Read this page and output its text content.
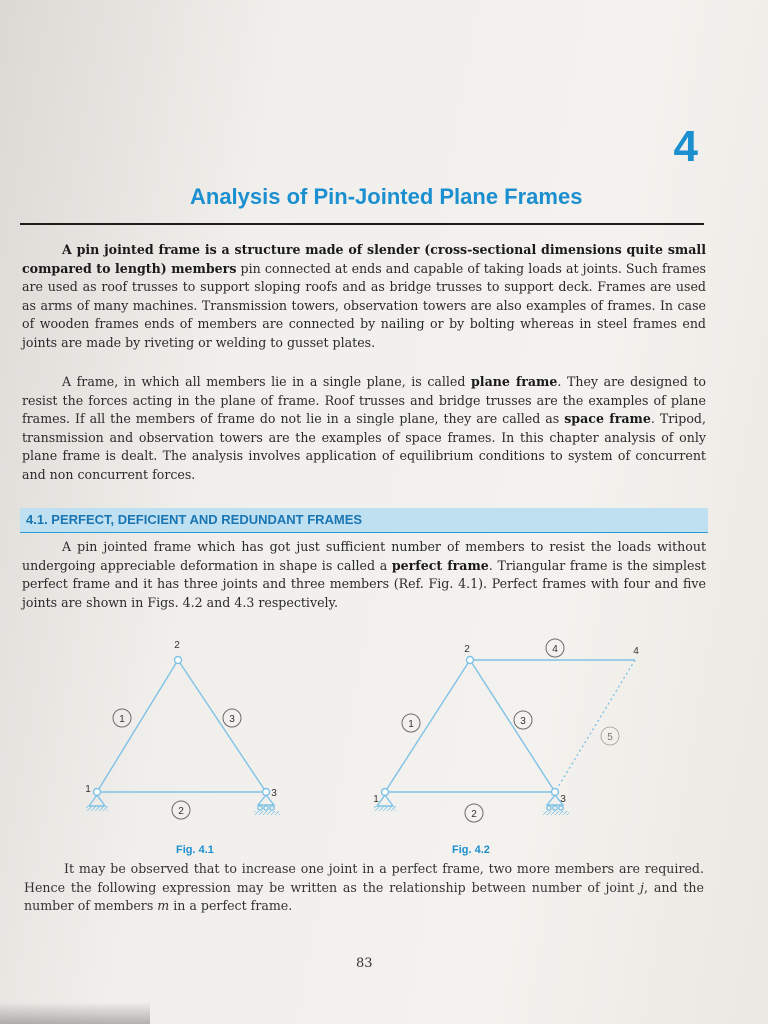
4
Analysis of Pin-Jointed Plane Frames

A pin jointed frame is a structure made of slender (cross-sectional dimensions quite small compared to length) members pin connected at ends and capable of taking loads at joints. Such frames are used as roof trusses to support sloping roofs and as bridge trusses to support deck. Frames are used as arms of many machines. Transmission towers, observation towers are also examples of frames. In case of wooden frames ends of members are connected by nailing or by bolting whereas in steel frames end joints are made by riveting or welding to gusset plates.

A frame, in which all members lie in a single plane, is called plane frame. They are designed to resist the forces acting in the plane of frame. Roof trusses and bridge trusses are the examples of plane frames. If all the members of frame do not lie in a single plane, they are called as space frame. Tripod, transmission and observation towers are the examples of space frames. In this chapter analysis of only plane frame is dealt. The analysis involves application of equilibrium conditions to system of concurrent and non concurrent forces.

4.1. PERFECT, DEFICIENT AND REDUNDANT FRAMES

A pin jointed frame which has got just sufficient number of members to resist the loads without undergoing appreciable deformation in shape is called a perfect frame. Triangular frame is the simplest perfect frame and it has three joints and three members (Ref. Fig. 4.1). Perfect frames with four and five joints are shown in Figs. 4.2 and 4.3 respectively.

2
1	3
1	3
2
2
1	3
4
1	3
2
4
5
Fig. 4.1	Fig. 4.2

It may be observed that to increase one joint in a perfect frame, two more members are required. Hence the following expression may be written as the relationship between number of joint j, and the number of members m in a perfect frame.

83
